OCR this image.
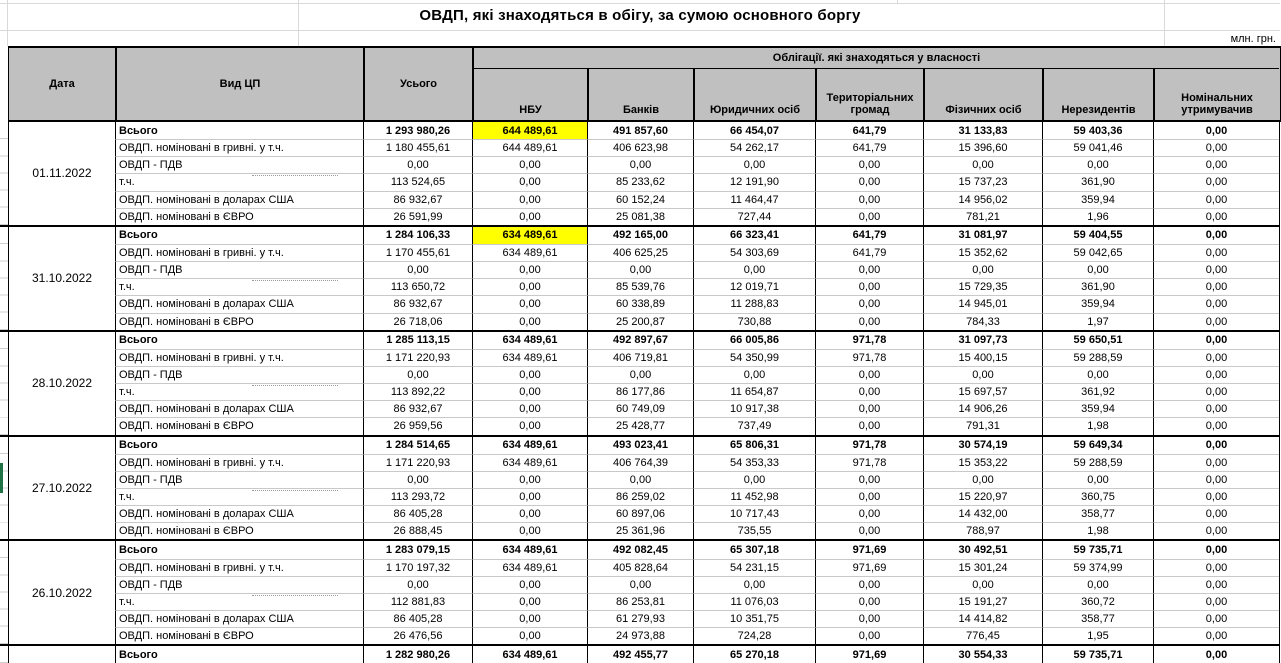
ОВДП, які знаходяться в обігу, за сумою основного боргу
млн. грн.
Дата	Вид ЦП	Усього
Облігації. які знаходяться у власності
НБУ	Банків	Юридичних осіб
Територіальних громад	Фізичних осіб	Нерезидентів
Номінальних утримувачив
01.11.2022
Всього	1 293 980,26	644 489,61	491 857,60	66 454,07	641,79	31 133,83	59 403,36	0,00
ОВДП. номіновані в гривні. у т.ч.	1 180 455,61	644 489,61	406 623,98	54 262,17	641,79	15 396,60	59 041,46	0,00
ОВДП - ПДВ	0,00	0,00	0,00	0,00	0,00	0,00	0,00	0,00
т.ч.	113 524,65	0,00	85 233,62	12 191,90	0,00	15 737,23	361,90	0,00
ОВДП. номіновані в доларах США	86 932,67	0,00	60 152,24	11 464,47	0,00	14 956,02	359,94	0,00
ОВДП. номіновані в ЄВРО	26 591,99	0,00	25 081,38	727,44	0,00	781,21	1,96	0,00
31.10.2022
Всього	1 284 106,33	634 489,61	492 165,00	66 323,41	641,79	31 081,97	59 404,55	0,00
ОВДП. номіновані в гривні. у т.ч.	1 170 455,61	634 489,61	406 625,25	54 303,69	641,79	15 352,62	59 042,65	0,00
ОВДП - ПДВ	0,00	0,00	0,00	0,00	0,00	0,00	0,00	0,00
т.ч.	113 650,72	0,00	85 539,76	12 019,71	0,00	15 729,35	361,90	0,00
ОВДП. номіновані в доларах США	86 932,67	0,00	60 338,89	11 288,83	0,00	14 945,01	359,94	0,00
ОВДП. номіновані в ЄВРО	26 718,06	0,00	25 200,87	730,88	0,00	784,33	1,97	0,00
28.10.2022
Всього	1 285 113,15	634 489,61	492 897,67	66 005,86	971,78	31 097,73	59 650,51	0,00
ОВДП. номіновані в гривні. у т.ч.	1 171 220,93	634 489,61	406 719,81	54 350,99	971,78	15 400,15	59 288,59	0,00
ОВДП - ПДВ	0,00	0,00	0,00	0,00	0,00	0,00	0,00	0,00
т.ч.	113 892,22	0,00	86 177,86	11 654,87	0,00	15 697,57	361,92	0,00
ОВДП. номіновані в доларах США	86 932,67	0,00	60 749,09	10 917,38	0,00	14 906,26	359,94	0,00
ОВДП. номіновані в ЄВРО	26 959,56	0,00	25 428,77	737,49	0,00	791,31	1,98	0,00
27.10.2022
Всього	1 284 514,65	634 489,61	493 023,41	65 806,31	971,78	30 574,19	59 649,34	0,00
ОВДП. номіновані в гривні. у т.ч.	1 171 220,93	634 489,61	406 764,39	54 353,33	971,78	15 353,22	59 288,59	0,00
ОВДП - ПДВ	0,00	0,00	0,00	0,00	0,00	0,00	0,00	0,00
т.ч.	113 293,72	0,00	86 259,02	11 452,98	0,00	15 220,97	360,75	0,00
ОВДП. номіновані в доларах США	86 405,28	0,00	60 897,06	10 717,43	0,00	14 432,00	358,77	0,00
ОВДП. номіновані в ЄВРО	26 888,45	0,00	25 361,96	735,55	0,00	788,97	1,98	0,00
26.10.2022
Всього	1 283 079,15	634 489,61	492 082,45	65 307,18	971,69	30 492,51	59 735,71	0,00
ОВДП. номіновані в гривні. у т.ч.	1 170 197,32	634 489,61	405 828,64	54 231,15	971,69	15 301,24	59 374,99	0,00
ОВДП - ПДВ	0,00	0,00	0,00	0,00	0,00	0,00	0,00	0,00
т.ч.	112 881,83	0,00	86 253,81	11 076,03	0,00	15 191,27	360,72	0,00
ОВДП. номіновані в доларах США	86 405,28	0,00	61 279,93	10 351,75	0,00	14 414,82	358,77	0,00
ОВДП. номіновані в ЄВРО	26 476,56	0,00	24 973,88	724,28	0,00	776,45	1,95	0,00
Всього	1 282 980,26	634 489,61	492 455,77	65 270,18	971,69	30 554,33	59 735,71	0,00
